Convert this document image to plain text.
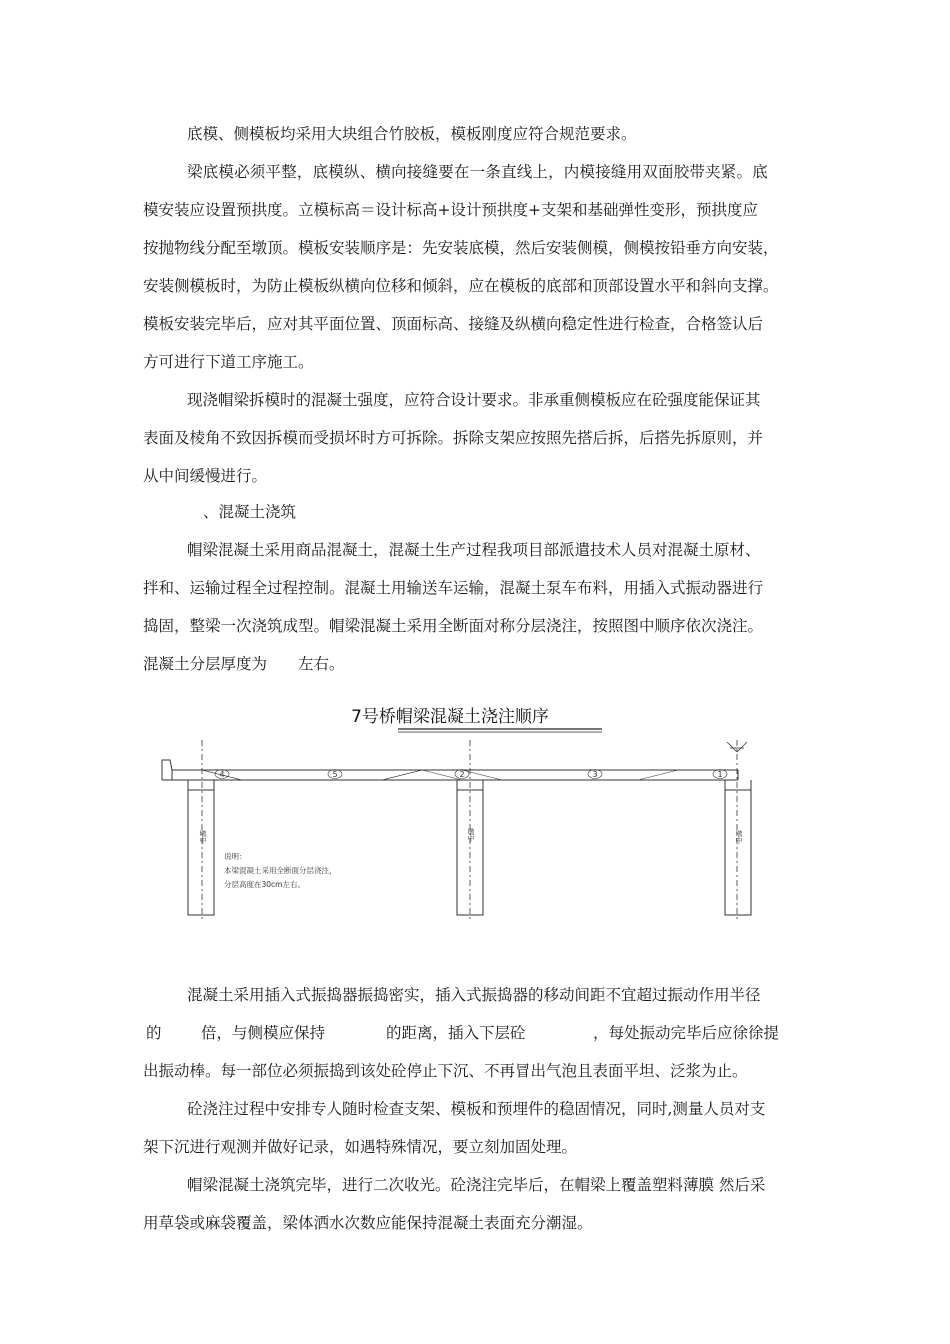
底模、侧模板均采用大块组合竹胶板，模板刚度应符合规范要求。
梁底模必须平整，底模纵、横向接缝要在一条直线上，内模接缝用双面胶带夹紧。底
模安装应设置预拱度。立模标高＝设计标高+设计预拱度+支架和基础弹性变形，预拱度应
按抛物线分配至墩顶。模板安装顺序是：先安装底模，然后安装侧模，侧模按铅垂方向安装，
安装侧模板时，为防止模板纵横向位移和倾斜，应在模板的底部和顶部设置水平和斜向支撑。
模板安装完毕后，应对其平面位置、顶面标高、接缝及纵横向稳定性进行检查，合格签认后
方可进行下道工序施工。
现浇帽梁拆模时的混凝土强度，应符合设计要求。非承重侧模板应在砼强度能保证其
表面及棱角不致因拆模而受损坏时方可拆除。拆除支架应按照先搭后拆，后搭先拆原则，并
从中间缓慢进行。
、混凝土浇筑
帽梁混凝土采用商品混凝土，混凝土生产过程我项目部派遣技术人员对混凝土原材、
拌和、运输过程全过程控制。混凝土用输送车运输，混凝土泵车布料，用插入式振动器进行
捣固，整梁一次浇筑成型。帽梁混凝土采用全断面对称分层浇注，按照图中顺序依次浇注。
混凝土分层厚度为　　左右。
7号桥帽梁混凝土浇注顺序
4	5	2	3	1
墩中	墩中	墩中
说明：
本梁混凝土采用全断面分层浇注，
分层高度在30cm左右。
混凝土采用插入式振捣器振捣密实，插入式振捣器的移动间距不宜超过振动作用半径
的	倍，与侧模应保持	的距离，插入下层砼	，每处振动完毕后应徐徐提
出振动棒。每一部位必须振捣到该处砼停止下沉、不再冒出气泡且表面平坦、泛浆为止。
砼浇注过程中安排专人随时检查支架、模板和预埋件的稳固情况，同时,测量人员对支
架下沉进行观测并做好记录，如遇特殊情况，要立刻加固处理。
帽梁混凝土浇筑完毕，进行二次收光。砼浇注完毕后，在帽梁上覆盖塑料薄膜 然后采
用草袋或麻袋覆盖，梁体洒水次数应能保持混凝土表面充分潮湿。
